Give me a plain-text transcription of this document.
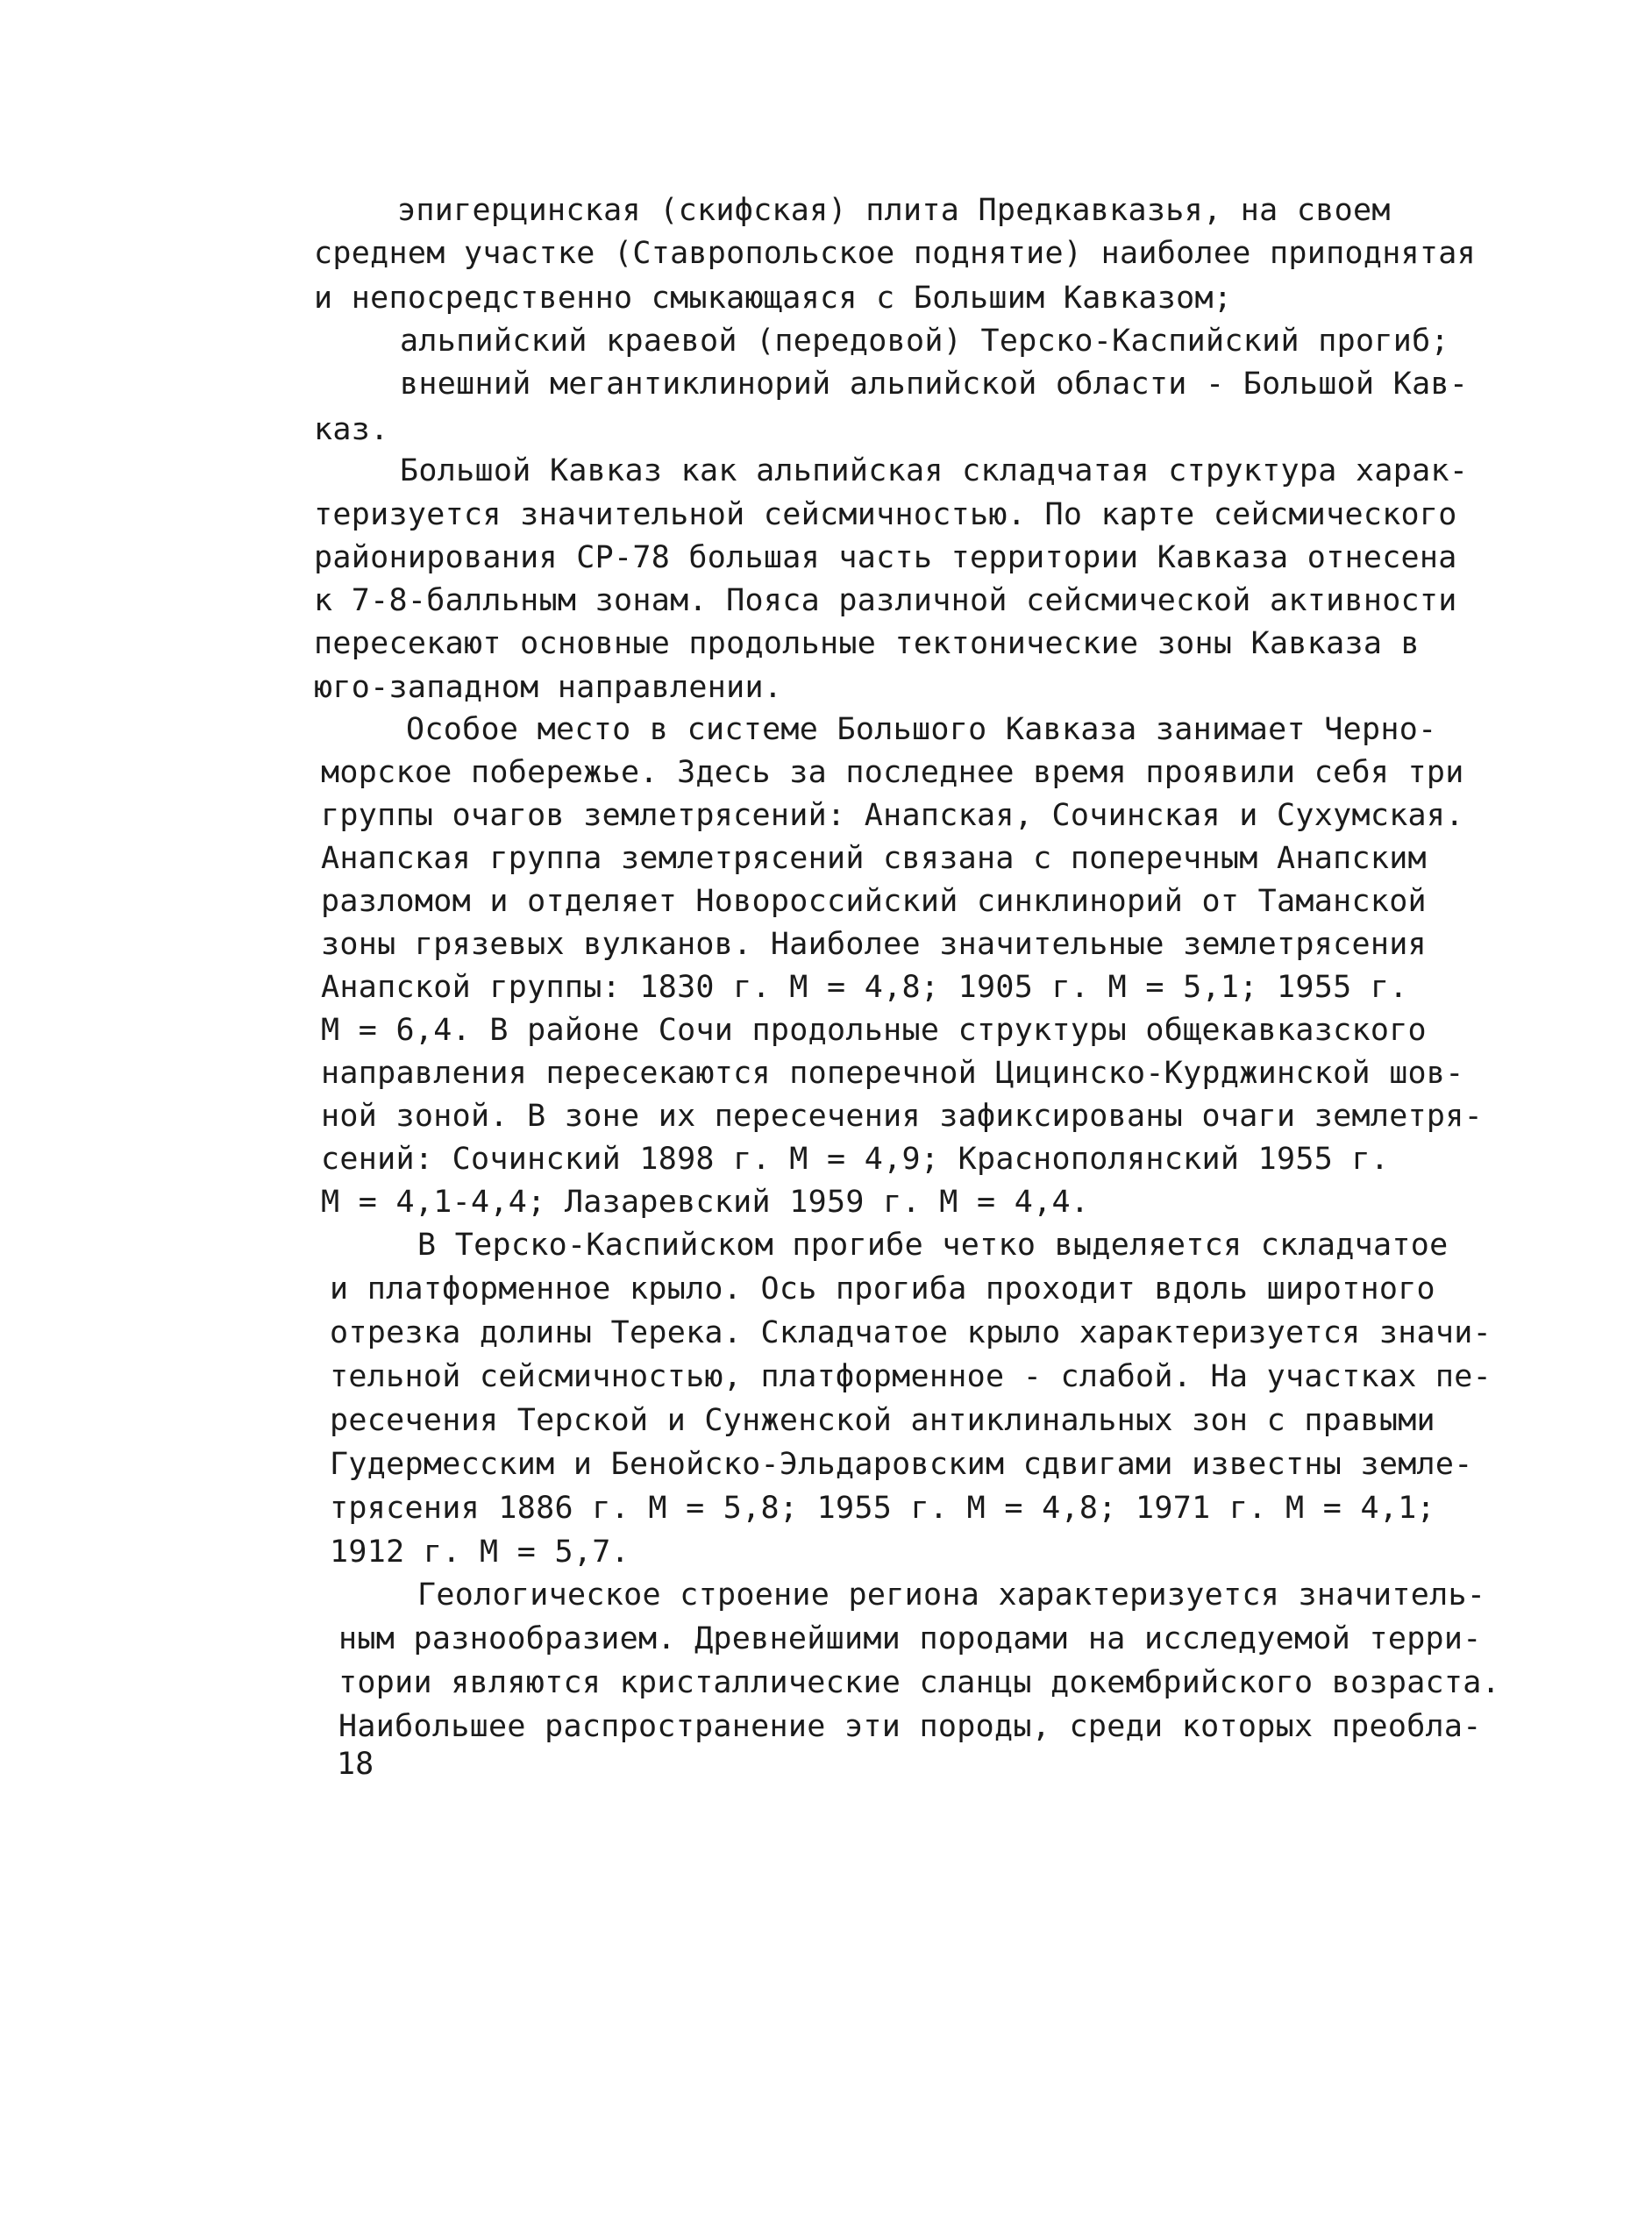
эпигерцинская (скифская) плита Предкавказья, на своем
среднем участке (Ставропольское поднятие) наиболее приподнятая
и непосредственно смыкающаяся с Большим Кавказом;
альпийский краевой (передовой) Терско-Каспийский прогиб;
внешний мегантиклинорий альпийской области - Большой Кав-
каз.
Большой Кавказ как альпийская складчатая структура харак-
теризуется значительной сейсмичностью. По карте сейсмического
районирования СР-78 большая часть территории Кавказа отнесена
к 7-8-балльным зонам. Пояса различной сейсмической активности
пересекают основные продольные тектонические зоны Кавказа в
юго-западном направлении.
Особое место в системе Большого Кавказа занимает Черно-
морское побережье. Здесь за последнее время проявили себя три
группы очагов землетрясений: Анапская, Сочинская и Сухумская.
Анапская группа землетрясений связана с поперечным Анапским
разломом и отделяет Новороссийский синклинорий от Таманской
зоны грязевых вулканов. Наиболее значительные землетрясения
Анапской группы: 1830 г. М = 4,8; 1905 г. М = 5,1; 1955 г.
М = 6,4. В районе Сочи продольные структуры общекавказского
направления пересекаются поперечной Цицинско-Курджинской шов-
ной зоной. В зоне их пересечения зафиксированы очаги землетря-
сений: Сочинский 1898 г. М = 4,9; Краснополянский 1955 г.
М = 4,1-4,4; Лазаревский 1959 г. М = 4,4.
В Терско-Каспийском прогибе четко выделяется складчатое
и платформенное крыло. Ось прогиба проходит вдоль широтного
отрезка долины Терека. Складчатое крыло характеризуется значи-
тельной сейсмичностью, платформенное - слабой. На участках пе-
ресечения Терской и Сунженской антиклинальных зон с правыми
Гудермесским и Бенойско-Эльдаровским сдвигами известны земле-
трясения 1886 г. М = 5,8; 1955 г. М = 4,8; 1971 г. М = 4,1;
1912 г. М = 5,7.
Геологическое строение региона характеризуется значитель-
ным разнообразием. Древнейшими породами на исследуемой терри-
тории являются кристаллические сланцы докембрийского возраста.
Наибольшее распространение эти породы, среди которых преобла-
18
